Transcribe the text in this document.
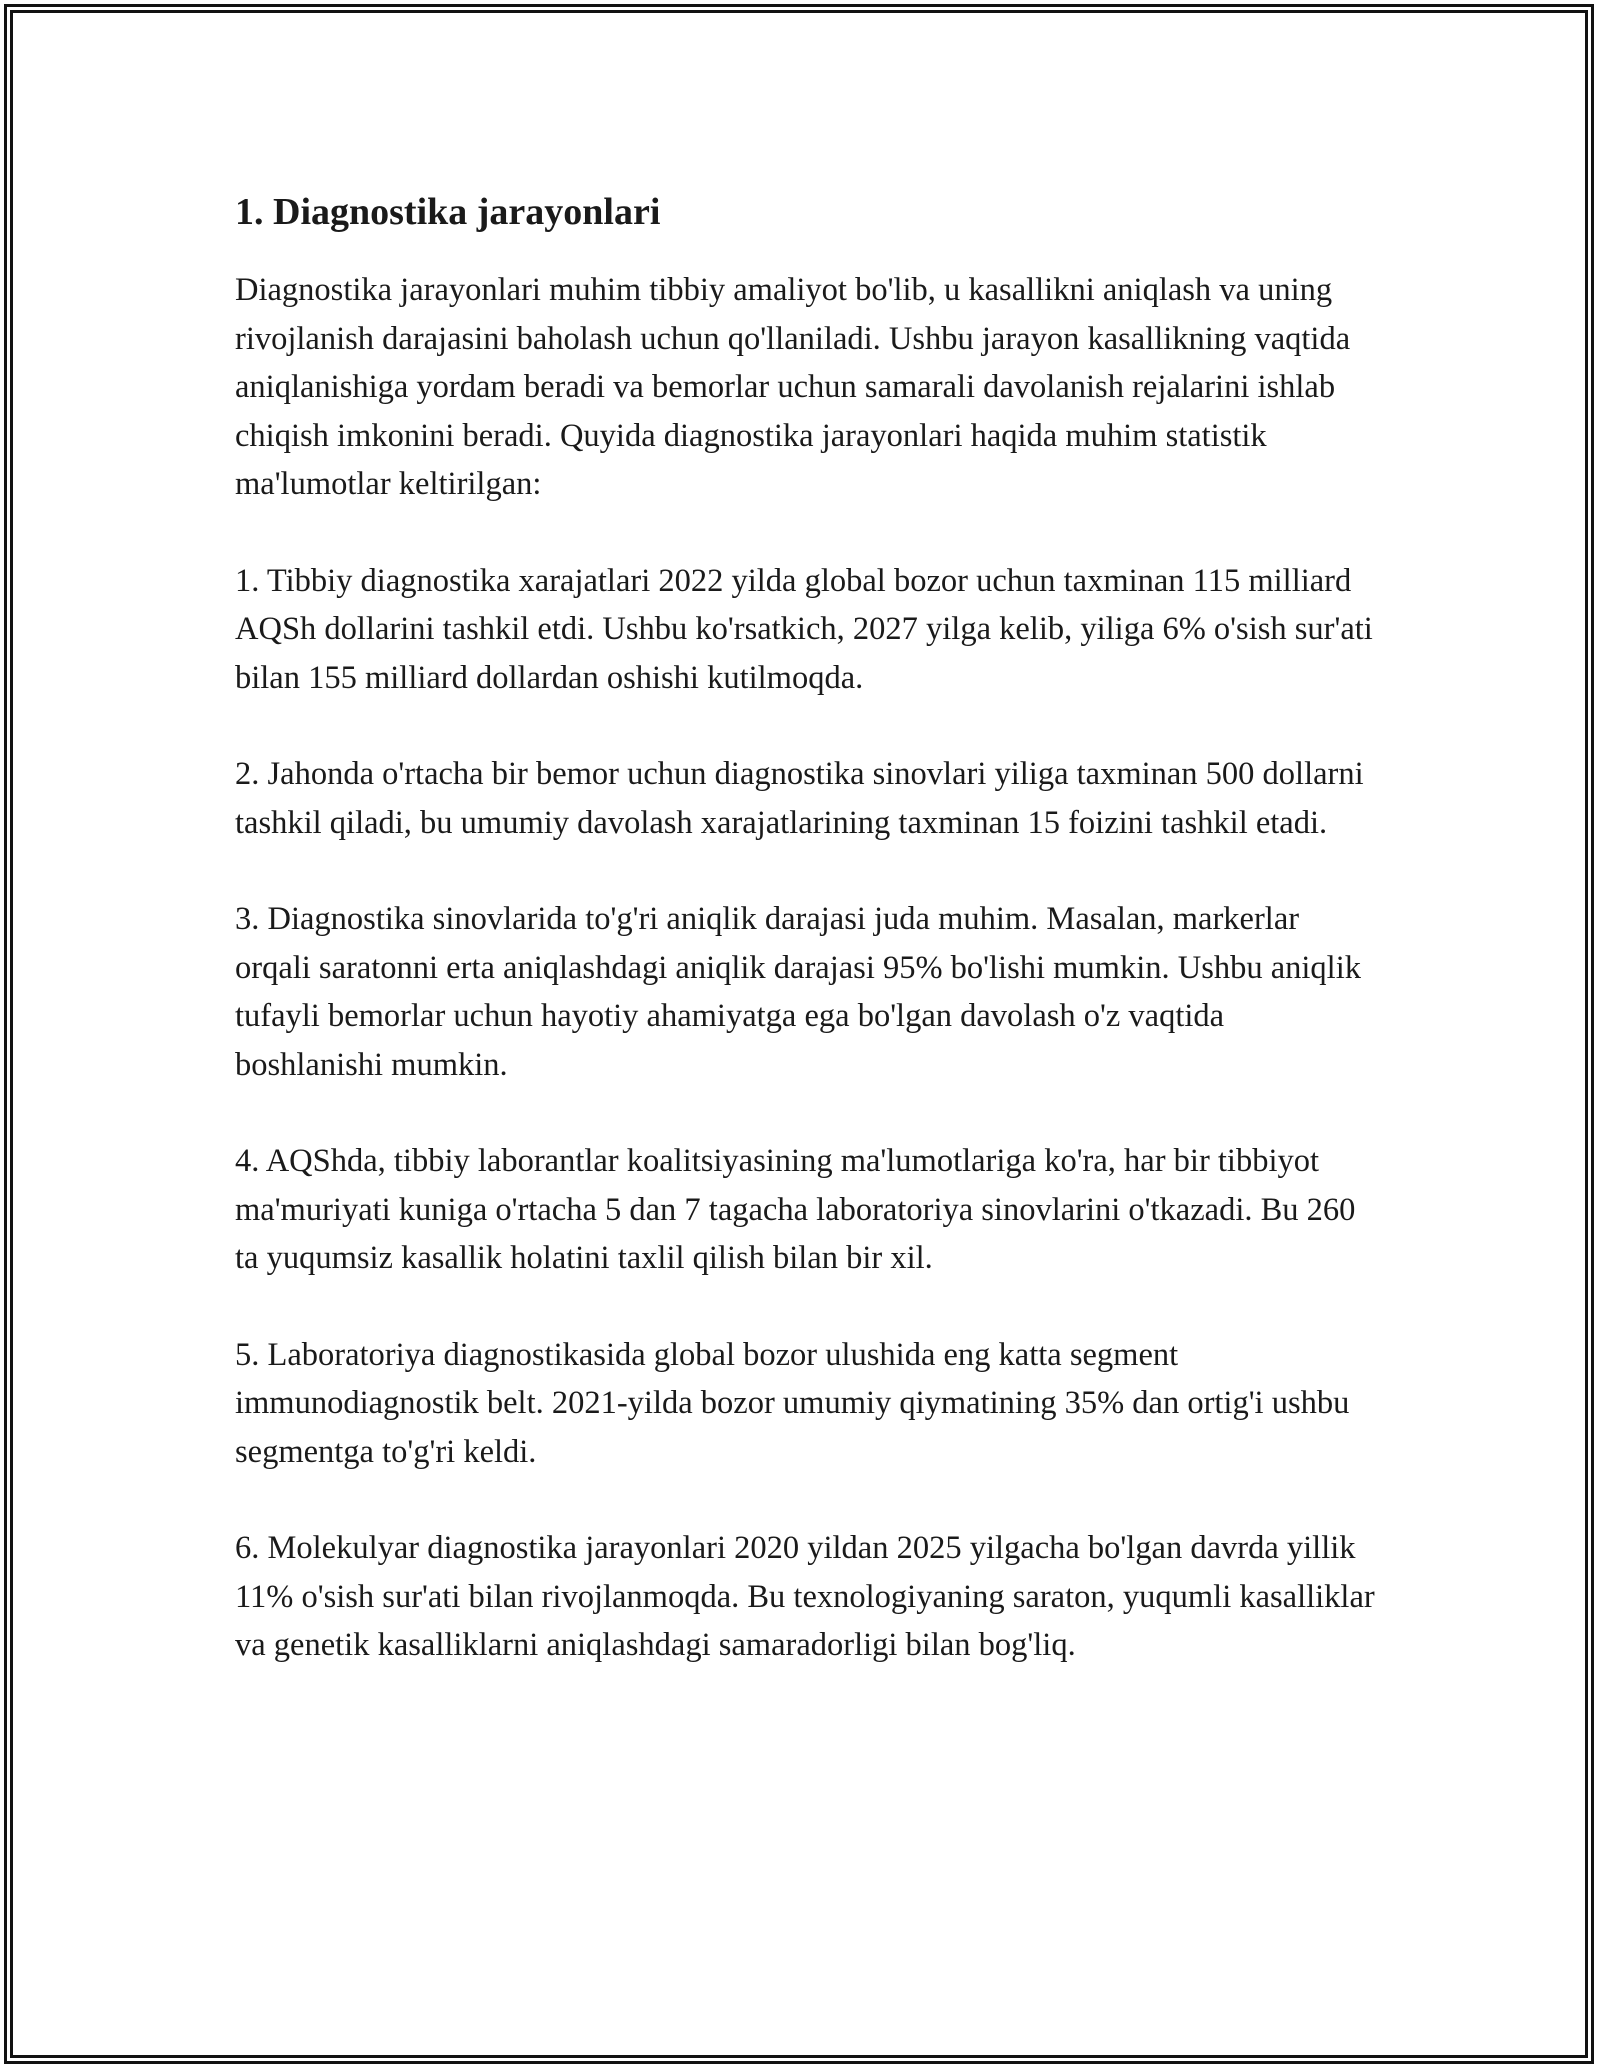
1. Diagnostika jarayonlari

Diagnostika jarayonlari muhim tibbiy amaliyot bo'lib, u kasallikni aniqlash va uning rivojlanish darajasini baholash uchun qo'llaniladi. Ushbu jarayon kasallikning vaqtida aniqlanishiga yordam beradi va bemorlar uchun samarali davolanish rejalarini ishlab chiqish imkonini beradi. Quyida diagnostika jarayonlari haqida muhim statistik ma'lumotlar keltirilgan:

1. Tibbiy diagnostika xarajatlari 2022 yilda global bozor uchun taxminan 115 milliard AQSh dollarini tashkil etdi. Ushbu ko'rsatkich, 2027 yilga kelib, yiliga 6% o'sish sur'ati bilan 155 milliard dollardan oshishi kutilmoqda.

2. Jahonda o'rtacha bir bemor uchun diagnostika sinovlari yiliga taxminan 500 dollarni tashkil qiladi, bu umumiy davolash xarajatlarining taxminan 15 foizini tashkil etadi.

3. Diagnostika sinovlarida to'g'ri aniqlik darajasi juda muhim. Masalan, markerlar orqali saratonni erta aniqlashdagi aniqlik darajasi 95% bo'lishi mumkin. Ushbu aniqlik tufayli bemorlar uchun hayotiy ahamiyatga ega bo'lgan davolash o'z vaqtida boshlanishi mumkin.

4. AQShda, tibbiy laborantlar koalitsiyasining ma'lumotlariga ko'ra, har bir tibbiyot ma'muriyati kuniga o'rtacha 5 dan 7 tagacha laboratoriya sinovlarini o'tkazadi. Bu 260 ta yuqumsiz kasallik holatini taxlil qilish bilan bir xil.

5. Laboratoriya diagnostikasida global bozor ulushida eng katta segment immunodiagnostik belt. 2021-yilda bozor umumiy qiymatining 35% dan ortig'i ushbu segmentga to'g'ri keldi.

6. Molekulyar diagnostika jarayonlari 2020 yildan 2025 yilgacha bo'lgan davrda yillik 11% o'sish sur'ati bilan rivojlanmoqda. Bu texnologiyaning saraton, yuqumli kasalliklar va genetik kasalliklarni aniqlashdagi samaradorligi bilan bog'liq.
